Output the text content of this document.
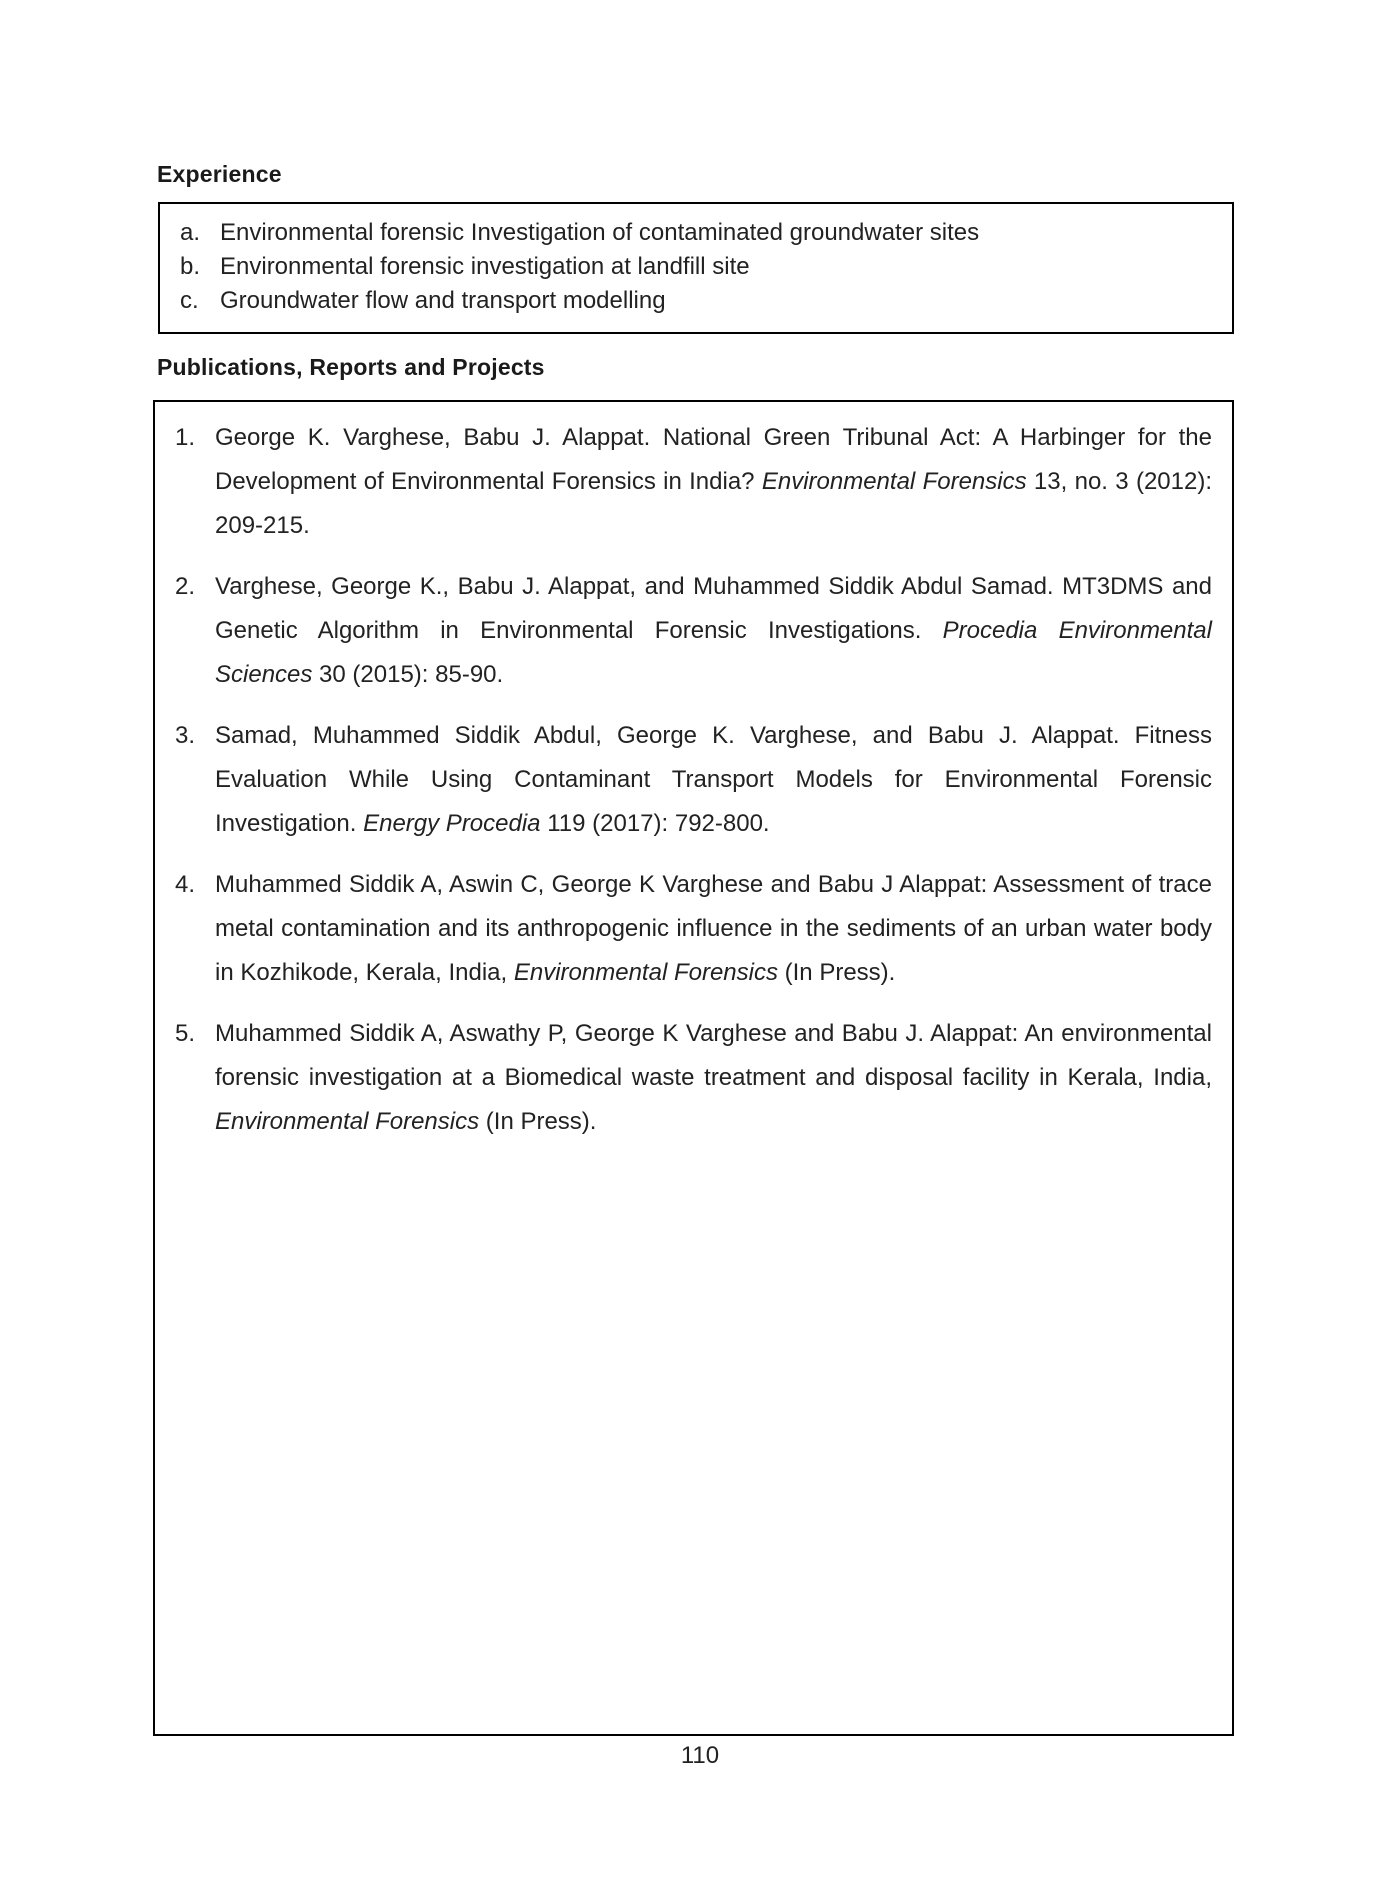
Experience
a. Environmental forensic Investigation of contaminated groundwater sites
b. Environmental forensic investigation at landfill site
c. Groundwater flow and transport modelling
Publications, Reports and Projects
1. George K. Varghese, Babu J. Alappat. National Green Tribunal Act: A Harbinger for the Development of Environmental Forensics in India? Environmental Forensics 13, no. 3 (2012): 209-215.
2. Varghese, George K., Babu J. Alappat, and Muhammed Siddik Abdul Samad. MT3DMS and Genetic Algorithm in Environmental Forensic Investigations. Procedia Environmental Sciences 30 (2015): 85-90.
3. Samad, Muhammed Siddik Abdul, George K. Varghese, and Babu J. Alappat. Fitness Evaluation While Using Contaminant Transport Models for Environmental Forensic Investigation. Energy Procedia 119 (2017): 792-800.
4. Muhammed Siddik A, Aswin C, George K Varghese and Babu J Alappat: Assessment of trace metal contamination and its anthropogenic influence in the sediments of an urban water body in Kozhikode, Kerala, India, Environmental Forensics (In Press).
5. Muhammed Siddik A, Aswathy P, George K Varghese and Babu J. Alappat: An environmental forensic investigation at a Biomedical waste treatment and disposal facility in Kerala, India, Environmental Forensics (In Press).
110
